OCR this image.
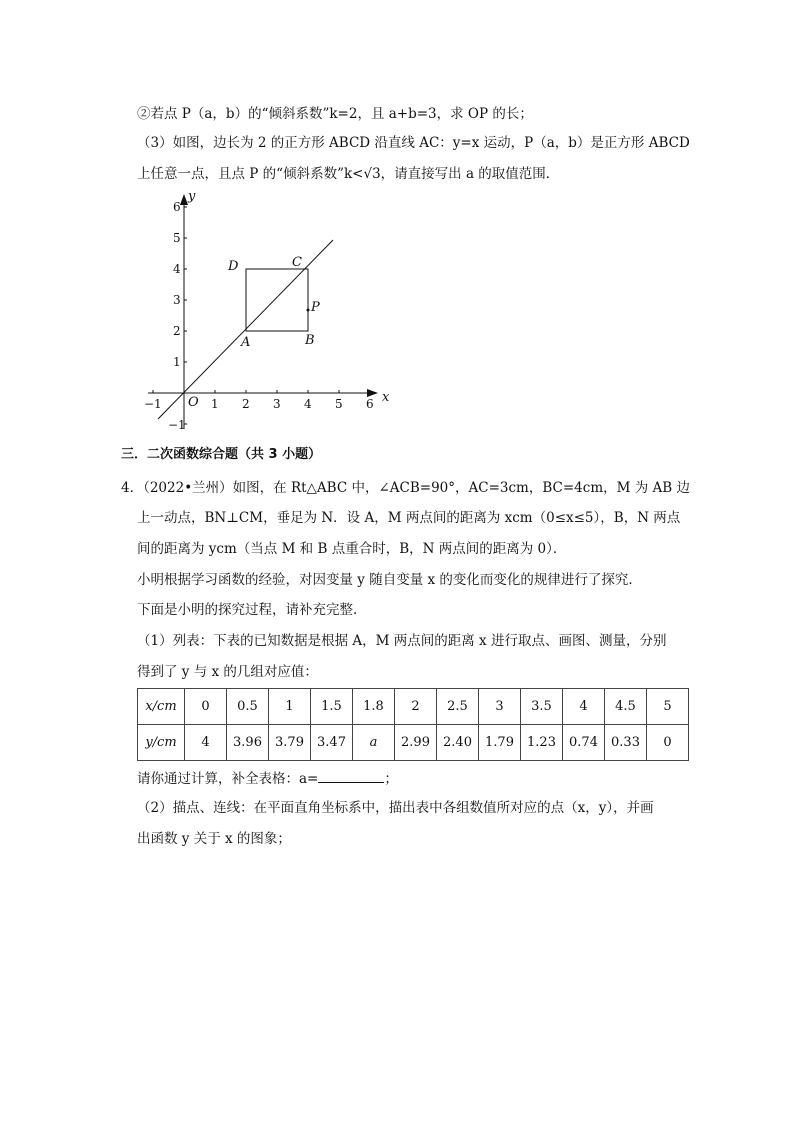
②若点 P（a，b）的“倾斜系数”k=2，且 a+b=3，求 OP 的长；
（3）如图，边长为 2 的正方形 ABCD 沿直线 AC：y=x 运动，P（a，b）是正方形 ABCD
上任意一点，且点 P 的“倾斜系数”k<√3，请直接写出 a 的取值范围．
−1	1 2 3 4 5 6
−1
1
2
3
4
5
6
x
y
O
A	B
C
D
P
三．二次函数综合题（共 3 小题）
4．（2022•兰州）如图，在 Rt△ABC 中，∠ACB=90°，AC=3cm，BC=4cm，M 为 AB 边
上一动点，BN⊥CM，垂足为 N．设 A，M 两点间的距离为 xcm（0≤x≤5），B，N 两点
间的距离为 ycm（当点 M 和 B 点重合时，B，N 两点间的距离为 0）．
小明根据学习函数的经验，对因变量 y 随自变量 x 的变化而变化的规律进行了探究．
下面是小明的探究过程，请补充完整．
（1）列表：下表的已知数据是根据 A，M 两点间的距离 x 进行取点、画图、测量，分别
得到了 y 与 x 的几组对应值：
x/cm	0	0.5	1	1.5	1.8	2	2.5	3	3.5	4	4.5	5
y/cm	4	3.96	3.79	3.47	a	2.99	2.40	1.79	1.23	0.74	0.33	0
请你通过计算，补全表格：a=	；
（2）描点、连线：在平面直角坐标系中，描出表中各组数值所对应的点（x，y），并画
出函数 y 关于 x 的图象；
